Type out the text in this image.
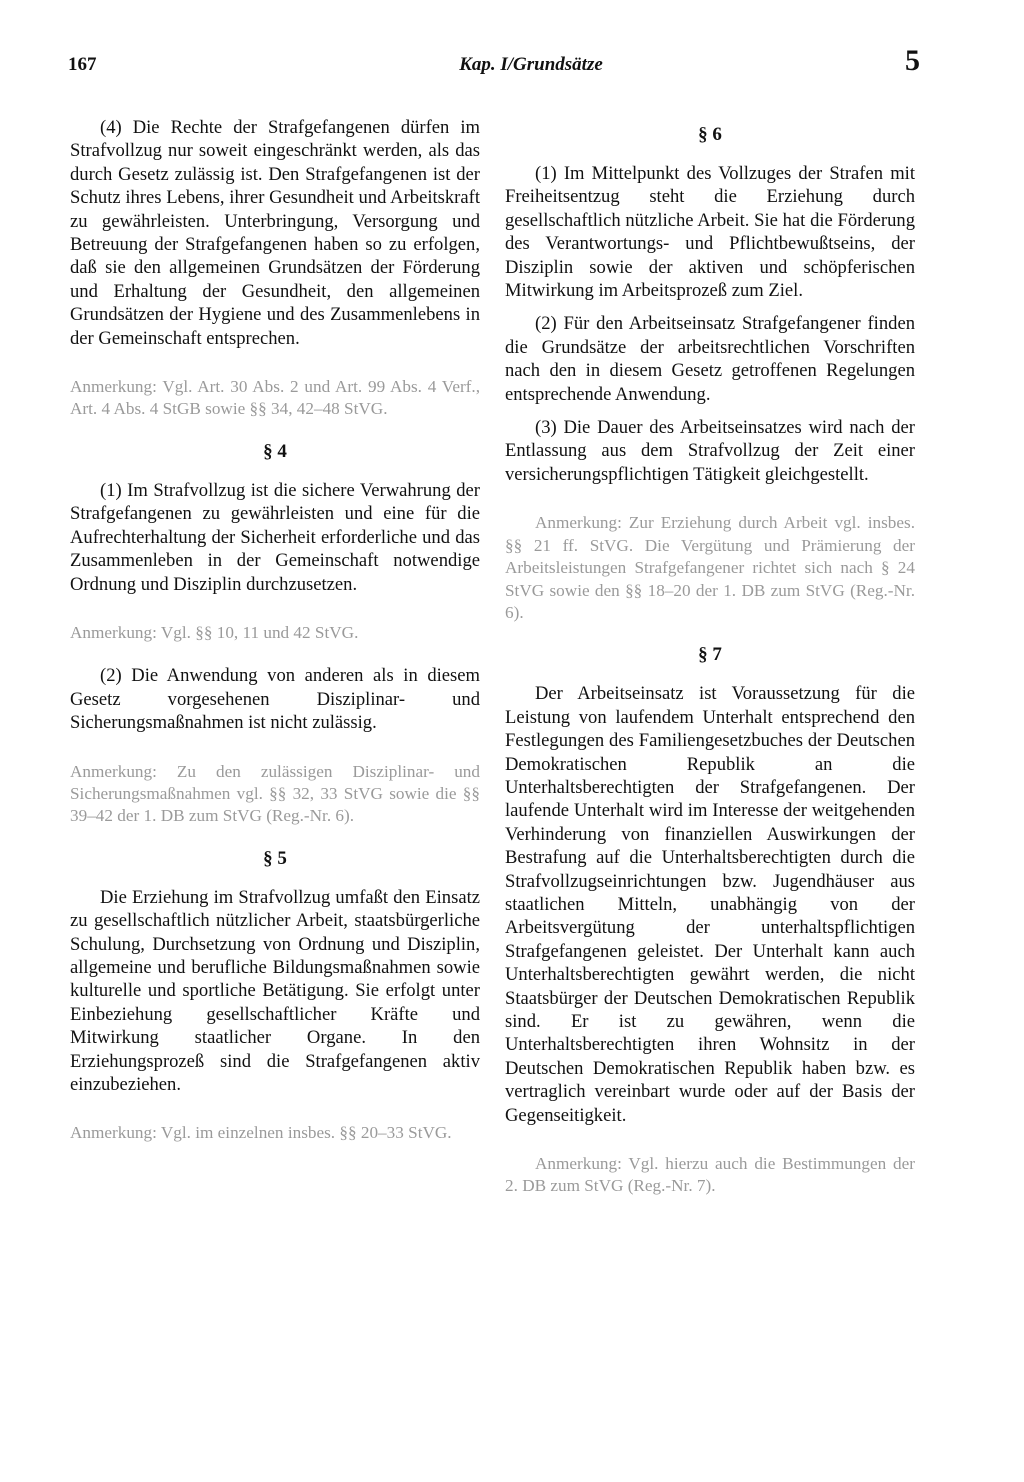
167	Kap. I/Grundsätze	5

(4) Die Rechte der Strafgefangenen dürfen im Strafvollzug nur soweit eingeschränkt werden, als das durch Gesetz zulässig ist. Den Strafgefangenen ist der Schutz ihres Lebens, ihrer Gesundheit und Arbeitskraft zu gewährleisten. Unterbringung, Versorgung und Betreuung der Strafgefangenen haben so zu erfolgen, daß sie den allgemeinen Grundsätzen der Förderung und Erhaltung der Gesundheit, den allgemeinen Grundsätzen der Hygiene und des Zusammenlebens in der Gemeinschaft entsprechen.

Anmerkung: Vgl. Art. 30 Abs. 2 und Art. 99 Abs. 4 Verf., Art. 4 Abs. 4 StGB sowie §§ 34, 42–48 StVG.

§ 4

(1) Im Strafvollzug ist die sichere Verwahrung der Strafgefangenen zu gewährleisten und eine für die Aufrechterhaltung der Sicherheit erforderliche und das Zusammenleben in der Gemeinschaft notwendige Ordnung und Disziplin durchzusetzen.

Anmerkung: Vgl. §§ 10, 11 und 42 StVG.

(2) Die Anwendung von anderen als in diesem Gesetz vorgesehenen Disziplinar- und Sicherungsmaßnahmen ist nicht zulässig.

Anmerkung: Zu den zulässigen Disziplinar- und Sicherungsmaßnahmen vgl. §§ 32, 33 StVG sowie die §§ 39–42 der 1. DB zum StVG (Reg.-Nr. 6).

§ 5

Die Erziehung im Strafvollzug umfaßt den Einsatz zu gesellschaftlich nützlicher Arbeit, staatsbürgerliche Schulung, Durchsetzung von Ordnung und Disziplin, allgemeine und berufliche Bildungsmaßnahmen sowie kulturelle und sportliche Betätigung. Sie erfolgt unter Einbeziehung gesellschaftlicher Kräfte und Mitwirkung staatlicher Organe. In den Erziehungsprozeß sind die Strafgefangenen aktiv einzubeziehen.

Anmerkung: Vgl. im einzelnen insbes. §§ 20–33 StVG.

§ 6

(1) Im Mittelpunkt des Vollzuges der Strafen mit Freiheitsentzug steht die Erziehung durch gesellschaftlich nützliche Arbeit. Sie hat die Förderung des Verantwortungs- und Pflichtbewußtseins, der Disziplin sowie der aktiven und schöpferischen Mitwirkung im Arbeitsprozeß zum Ziel.

(2) Für den Arbeitseinsatz Strafgefangener finden die Grundsätze der arbeitsrechtlichen Vorschriften nach den in diesem Gesetz getroffenen Regelungen entsprechende Anwendung.

(3) Die Dauer des Arbeitseinsatzes wird nach der Entlassung aus dem Strafvollzug der Zeit einer versicherungspflichtigen Tätigkeit gleichgestellt.

Anmerkung: Zur Erziehung durch Arbeit vgl. insbes. §§ 21 ff. StVG. Die Vergütung und Prämierung der Arbeitsleistungen Strafgefangener richtet sich nach § 24 StVG sowie den §§ 18–20 der 1. DB zum StVG (Reg.-Nr. 6).

§ 7

Der Arbeitseinsatz ist Voraussetzung für die Leistung von laufendem Unterhalt entsprechend den Festlegungen des Familiengesetzbuches der Deutschen Demokratischen Republik an die Unterhaltsberechtigten der Strafgefangenen. Der laufende Unterhalt wird im Interesse der weitgehenden Verhinderung von finanziellen Auswirkungen der Bestrafung auf die Unterhaltsberechtigten durch die Strafvollzugseinrichtungen bzw. Jugendhäuser aus staatlichen Mitteln, unabhängig von der Arbeitsvergütung der unterhaltspflichtigen Strafgefangenen geleistet. Der Unterhalt kann auch Unterhaltsberechtigten gewährt werden, die nicht Staatsbürger der Deutschen Demokratischen Republik sind. Er ist zu gewähren, wenn die Unterhaltsberechtigten ihren Wohnsitz in der Deutschen Demokratischen Republik haben bzw. es vertraglich vereinbart wurde oder auf der Basis der Gegenseitigkeit.

Anmerkung: Vgl. hierzu auch die Bestimmungen der 2. DB zum StVG (Reg.-Nr. 7).
